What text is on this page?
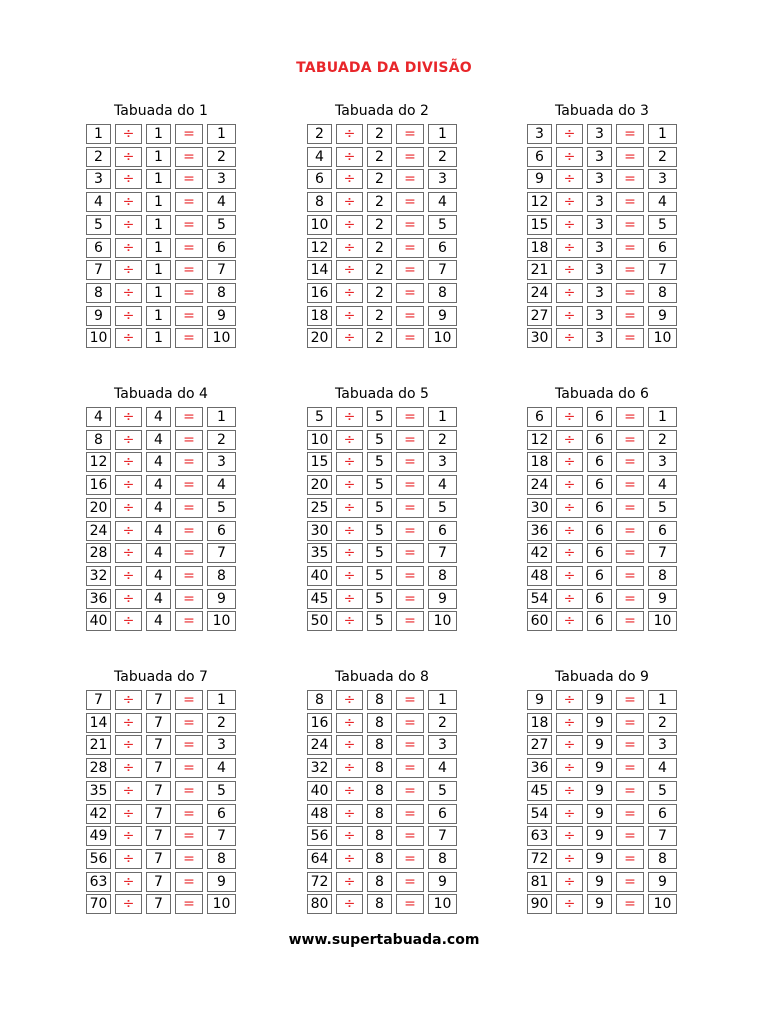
TABUADA DA DIVISÃO
Tabuada do 1
1	÷	1	=	1
2	÷	1	=	2
3	÷	1	=	3
4	÷	1	=	4
5	÷	1	=	5
6	÷	1	=	6
7	÷	1	=	7
8	÷	1	=	8
9	÷	1	=	9
10	÷	1	=	10
Tabuada do 2
2	÷	2	=	1
4	÷	2	=	2
6	÷	2	=	3
8	÷	2	=	4
10	÷	2	=	5
12	÷	2	=	6
14	÷	2	=	7
16	÷	2	=	8
18	÷	2	=	9
20	÷	2	=	10
Tabuada do 3
3	÷	3	=	1
6	÷	3	=	2
9	÷	3	=	3
12	÷	3	=	4
15	÷	3	=	5
18	÷	3	=	6
21	÷	3	=	7
24	÷	3	=	8
27	÷	3	=	9
30	÷	3	=	10
Tabuada do 4
4	÷	4	=	1
8	÷	4	=	2
12	÷	4	=	3
16	÷	4	=	4
20	÷	4	=	5
24	÷	4	=	6
28	÷	4	=	7
32	÷	4	=	8
36	÷	4	=	9
40	÷	4	=	10
Tabuada do 5
5	÷	5	=	1
10	÷	5	=	2
15	÷	5	=	3
20	÷	5	=	4
25	÷	5	=	5
30	÷	5	=	6
35	÷	5	=	7
40	÷	5	=	8
45	÷	5	=	9
50	÷	5	=	10
Tabuada do 6
6	÷	6	=	1
12	÷	6	=	2
18	÷	6	=	3
24	÷	6	=	4
30	÷	6	=	5
36	÷	6	=	6
42	÷	6	=	7
48	÷	6	=	8
54	÷	6	=	9
60	÷	6	=	10
Tabuada do 7
7	÷	7	=	1
14	÷	7	=	2
21	÷	7	=	3
28	÷	7	=	4
35	÷	7	=	5
42	÷	7	=	6
49	÷	7	=	7
56	÷	7	=	8
63	÷	7	=	9
70	÷	7	=	10
Tabuada do 8
8	÷	8	=	1
16	÷	8	=	2
24	÷	8	=	3
32	÷	8	=	4
40	÷	8	=	5
48	÷	8	=	6
56	÷	8	=	7
64	÷	8	=	8
72	÷	8	=	9
80	÷	8	=	10
Tabuada do 9
9	÷	9	=	1
18	÷	9	=	2
27	÷	9	=	3
36	÷	9	=	4
45	÷	9	=	5
54	÷	9	=	6
63	÷	9	=	7
72	÷	9	=	8
81	÷	9	=	9
90	÷	9	=	10
www.supertabuada.com
